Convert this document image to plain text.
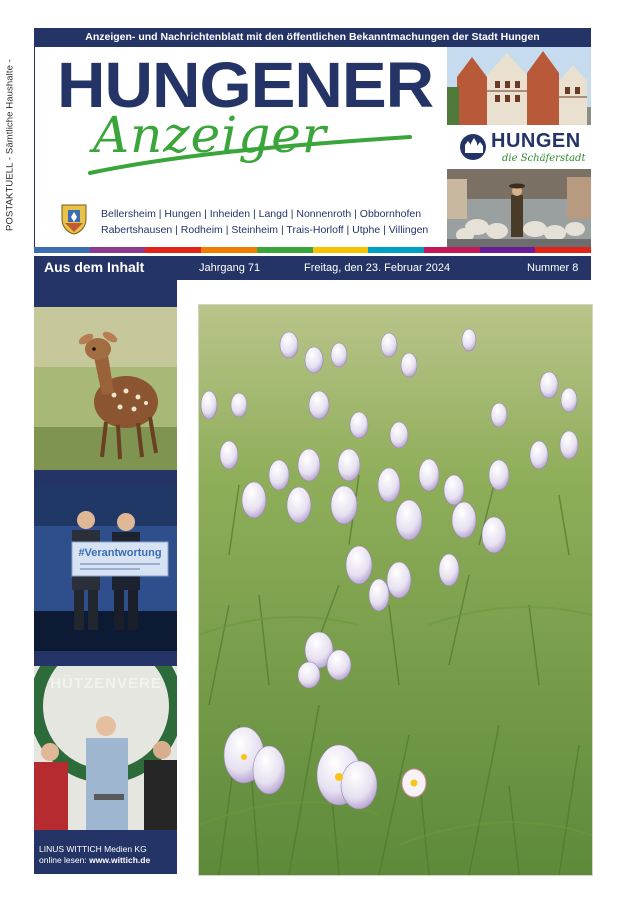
POSTAKTUELL - Sämtliche Haushalte -
Anzeigen- und Nachrichtenblatt mit den öffentlichen Bekanntmachungen der Stadt Hungen
HUNGENER
Anzeiger
Bellersheim | Hungen | Inheiden | Langd | Nonnenroth | Obbornhofen
Rabertshausen | Rodheim | Steinheim | Trais-Horloff | Utphe | Villingen
HUNGEN
die Schäferstadt
Aus dem Inhalt	Jahrgang 71	Freitag, den 23. Februar 2024	Nummer 8
#Verantwortung
HÜTZENVERE
LINUS WITTICH Medien KG
online lesen: www.wittich.de
